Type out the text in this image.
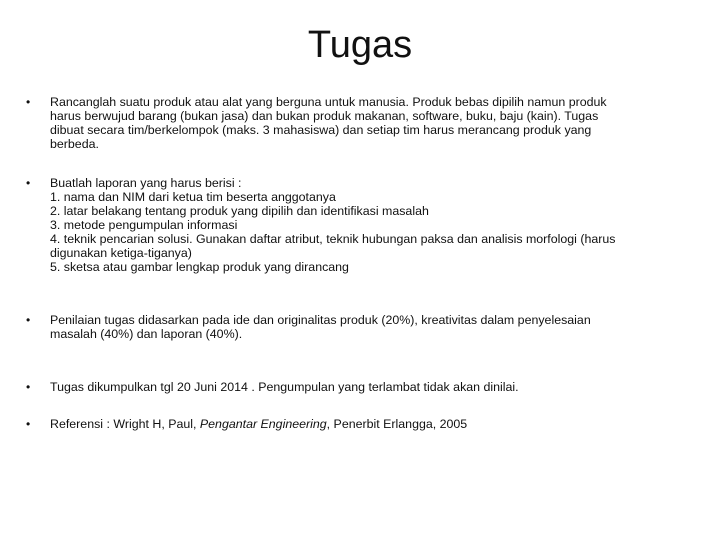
Tugas
• Rancanglah suatu produk atau alat yang berguna untuk manusia. Produk bebas dipilih namun produk
harus berwujud barang (bukan jasa) dan bukan produk makanan, software, buku, baju (kain). Tugas
dibuat secara tim/berkelompok (maks. 3 mahasiswa) dan setiap tim harus merancang produk yang
berbeda.
• Buatlah laporan yang harus berisi :
1. nama dan NIM dari ketua tim beserta anggotanya
2. latar belakang tentang produk yang dipilih dan identifikasi masalah
3. metode pengumpulan informasi
4. teknik pencarian solusi. Gunakan daftar atribut, teknik hubungan paksa dan analisis morfologi (harus
digunakan ketiga-tiganya)
5. sketsa atau gambar lengkap produk yang dirancang
• Penilaian tugas didasarkan pada ide dan originalitas produk (20%), kreativitas dalam penyelesaian
masalah (40%) dan laporan (40%).
• Tugas dikumpulkan tgl 20 Juni 2014 . Pengumpulan yang terlambat tidak akan dinilai.
• Referensi : Wright H, Paul, Pengantar Engineering, Penerbit Erlangga, 2005
